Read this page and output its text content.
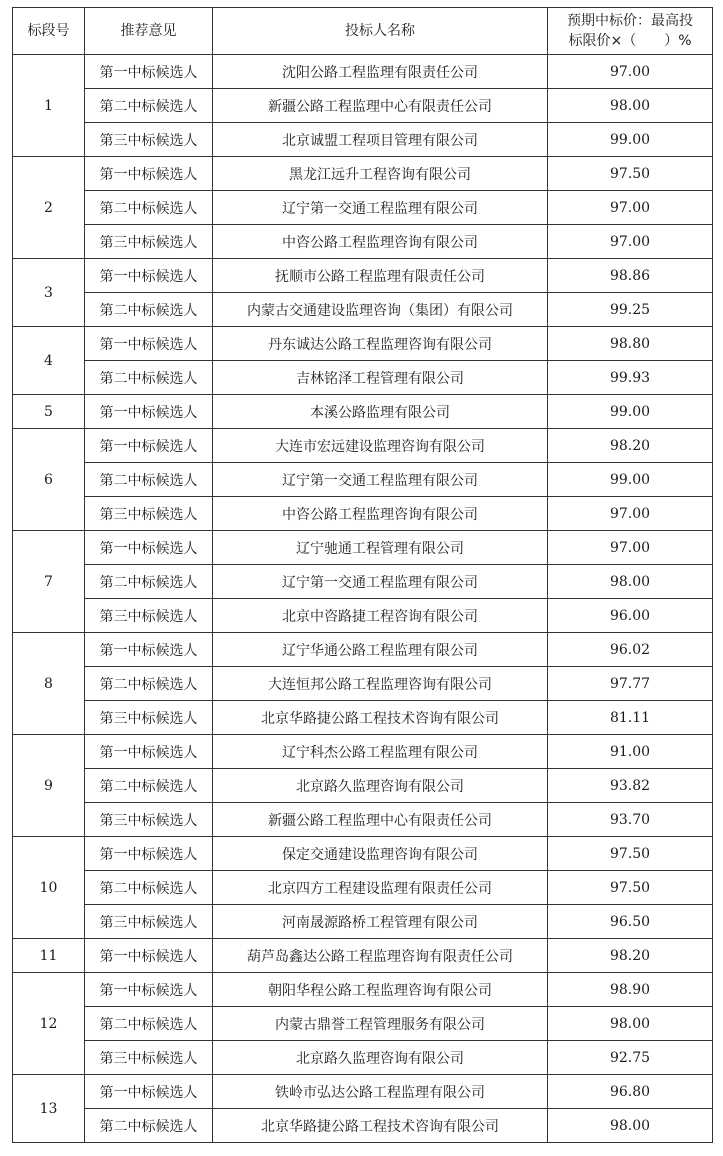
标段号	推荐意见	投标人名称	预期中标价：最高投
标限价×（　　）%

1	第一中标候选人	沈阳公路工程监理有限责任公司	97.00
	第二中标候选人	新疆公路工程监理中心有限责任公司	98.00
	第三中标候选人	北京诚盟工程项目管理有限公司	99.00
2	第一中标候选人	黑龙江远升工程咨询有限公司	97.50
	第二中标候选人	辽宁第一交通工程监理有限公司	97.00
	第三中标候选人	中咨公路工程监理咨询有限公司	97.00
3	第一中标候选人	抚顺市公路工程监理有限责任公司	98.86
	第二中标候选人	内蒙古交通建设监理咨询（集团）有限公司	99.25
4	第一中标候选人	丹东诚达公路工程监理咨询有限公司	98.80
	第二中标候选人	吉林铭泽工程管理有限公司	99.93
5	第一中标候选人	本溪公路监理有限公司	99.00
6	第一中标候选人	大连市宏远建设监理咨询有限公司	98.20
	第二中标候选人	辽宁第一交通工程监理有限公司	99.00
	第三中标候选人	中咨公路工程监理咨询有限公司	97.00
7	第一中标候选人	辽宁驰通工程管理有限公司	97.00
	第二中标候选人	辽宁第一交通工程监理有限公司	98.00
	第三中标候选人	北京中咨路捷工程咨询有限公司	96.00
8	第一中标候选人	辽宁华通公路工程监理有限公司	96.02
	第二中标候选人	大连恒邦公路工程监理咨询有限公司	97.77
	第三中标候选人	北京华路捷公路工程技术咨询有限公司	81.11
9	第一中标候选人	辽宁科杰公路工程监理有限公司	91.00
	第二中标候选人	北京路久监理咨询有限公司	93.82
	第三中标候选人	新疆公路工程监理中心有限责任公司	93.70
10	第一中标候选人	保定交通建设监理咨询有限公司	97.50
	第二中标候选人	北京四方工程建设监理有限责任公司	97.50
	第三中标候选人	河南晟源路桥工程管理有限公司	96.50
11	第一中标候选人	葫芦岛鑫达公路工程监理咨询有限责任公司	98.20
12	第一中标候选人	朝阳华程公路工程监理咨询有限公司	98.90
	第二中标候选人	内蒙古鼎誉工程管理服务有限公司	98.00
	第三中标候选人	北京路久监理咨询有限公司	92.75
13	第一中标候选人	铁岭市弘达公路工程监理有限公司	96.80
	第二中标候选人	北京华路捷公路工程技术咨询有限公司	98.00
